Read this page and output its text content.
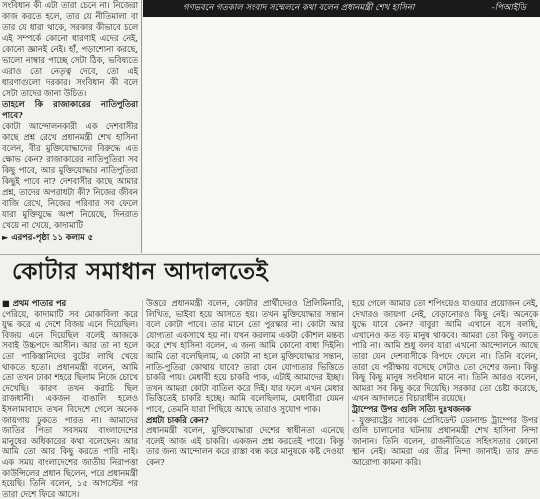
সংবিধান কী এটা তারা চেনে না। নিজেরা কাজ করতে হলে, তার যে নীতিমালা বা তার যে ধারা থাকে, সরকার কীভাবে চলে এই সম্পর্কে কোনো ধারণাই এদের নেই, কোনো জ্ঞানই নেই। হাঁ, পড়াশোনা করছে, ভালো নাম্বার পাচ্ছে সেটা ঠিক, ভবিষ্যতে এরাও তো নেতৃত্ব দেবে, তো এই ধারণাগুলো দরকার। সংবিধান কী বলে সেটা তাদের জানা উচিত।

তাহলে কি রাজাকারের নাতিপুতিরা পাবে?

কোটা আন্দোলনকারী এক দেশবাসীর কাছে প্রশ্ন রেখে প্রধানমন্ত্রী শেখ হাসিনা বলেন, বীর মুক্তিযোদ্ধাদের বিরুদ্ধে এত ক্ষোভ কেন? রাজাকারের নাতিপুতিরা সব কিছু পাবে, আর মুক্তিযোদ্ধার নাতিপুতিরা কিছুই পাবে না? দেশবাসীর কাছে আমার প্রশ্ন, তাদের অপরাধটা কী? নিজের জীবন বাজি রেখে, নিজের পরিবার সব ফেলে যারা মুক্তিযুদ্ধে অংশ নিয়েছে, দিনরাত খেয়ে না খেয়ে, কাদামাটি

► এরপর-পৃষ্ঠা ১১ কলাম ৫

গণভবনে গতকাল সংবাদ সম্মেলনে কথা বলেন প্রধানমন্ত্রী শেখ হাসিনা	-পিআইডি
কোটার সমাধান আদালতেই

■ প্রথম পাতার পর

পেরিয়ে, কাদামাটি সব মোকাবিলা করে যুদ্ধ করে এ দেশে বিজয় এনে দিয়েছিল। বিজয় এনে দিয়েছিল বলেই আজকে সবাই উচ্চপদে আসীন। আর তা না হলে তো পাকিস্তানিদের বুটের লাথি খেয়ে থাকতে হতো। প্রধানমন্ত্রী বলেন, আমি তো তখন ঢাকা শহরে ছিলাম নিজে চোখে দেখেছি। কারণ তখন করাচি ছিল রাজধানী। একজন বাঙালি হলেও ইসলামাবাদে তখন বিদেশে গেলে অনেক জায়গায় ঢুকতে পারত না। আমাদের জাতির পিতা সবসময় বাংলাদেশের মানুষের অধিকারের কথা বলেছেন। আর আমি তো আর কিছু করতে পারি নাই। এক সময় বাংলাদেশের জাতীয় নিরাপত্তা কাউন্সিলের প্রধান ছিলেন, পরে প্রধানমন্ত্রী হয়েছি। তিনি বলেন, ১৫ আগস্টের পর তারা দেশে ফিরে আসে।

উত্তরে প্রধানমন্ত্রী বলেন, কোটার প্রার্থীদেরও প্রিলিমিনারি, লিখিত, ভাইবা হয়ে আসতে হয়। তখন মুক্তিযোদ্ধার সন্তান বলে কোটা পাবে। তার মানে তো পুরস্কার না। কোটা আর যোগ্যতা একসাথে হয় না। যখন করলাম একটা কৌশল মন্তব্য করে শেখ হাসিনা বলেন, এ জন্য আমি কোনো বাধা দিইনি। আমি তো বলেছিলাম, এ কোটা না হলে মুক্তিযোদ্ধার সন্তান, নাতি-পুতিরা কোথায় যাবে? তারা যেন যোগ্যতার ভিত্তিতে চাকরি পায়। মেধাবী হয়ে চাকরি পাক, এটাই আমাদের ইচ্ছা। তখন আমরা কোটা বাতিল করে দিই। যার ফলে এখন মেধার ভিত্তিতেই চাকরি হচ্ছে। আমি বলেছিলাম, মেধাবীরা যেমন পাবে, তেমনি যারা পিছিয়ে আছে তারাও সুযোগ পাক।

প্রশ্নটা চাকরি কেন?

প্রধানমন্ত্রী বলেন, মুক্তিযোদ্ধারা দেশের স্বাধীনতা এনেছে বলেই আজ এই চাকরি। একজন প্রশ্ন করতেই পারে। কিন্তু তার জন্য আন্দোলন করে রাস্তা বন্ধ করে মানুষকে কষ্ট দেওয়া কেন?

হয়ে গেলে আমার তো শপিংয়েও যাওয়ার প্রয়োজন নেই, দেখারও জায়গা নেই, বেড়ানোরও কিছু নেই। অনেকে যুদ্ধে যাবে কেন? বাবুরা আমি এখানে বসে বলছি, এখানেও কত বড় মানুষ থাকবে। আমরা তো কিছু বলতে পারি না। আমি শুধু বলব যারা এখনো আন্দোলনে আছে তারা যেন দেশবাসীকে বিপদে ফেলে না। তিনি বলেন, তারা যে পরীক্ষায় বসেছে সেটাও তো দেশের জন্য। কিন্তু কিছু কিছু মানুষ সংবিধান মানে না। তিনি আরও বলেন, আমরা সব কিছু করে দিয়েছি। সরকার তো চেষ্টা করেছে, এখন আদালতে বিচারাধীন রয়েছে।

ট্রাম্পের উপর গুলি সত্যি দুঃখজনক

- যুক্তরাষ্ট্রের সাবেক প্রেসিডেন্ট ডোনাল্ড ট্রাম্পের উপর গুলি চালানোর ঘটনায় প্রধানমন্ত্রী শেখ হাসিনা নিন্দা জানান। তিনি বলেন, রাজনীতিতে সহিংসতার কোনো স্থান নেই। আমরা এর তীব্র নিন্দা জানাই। তার দ্রুত আরোগ্য কামনা করি।
